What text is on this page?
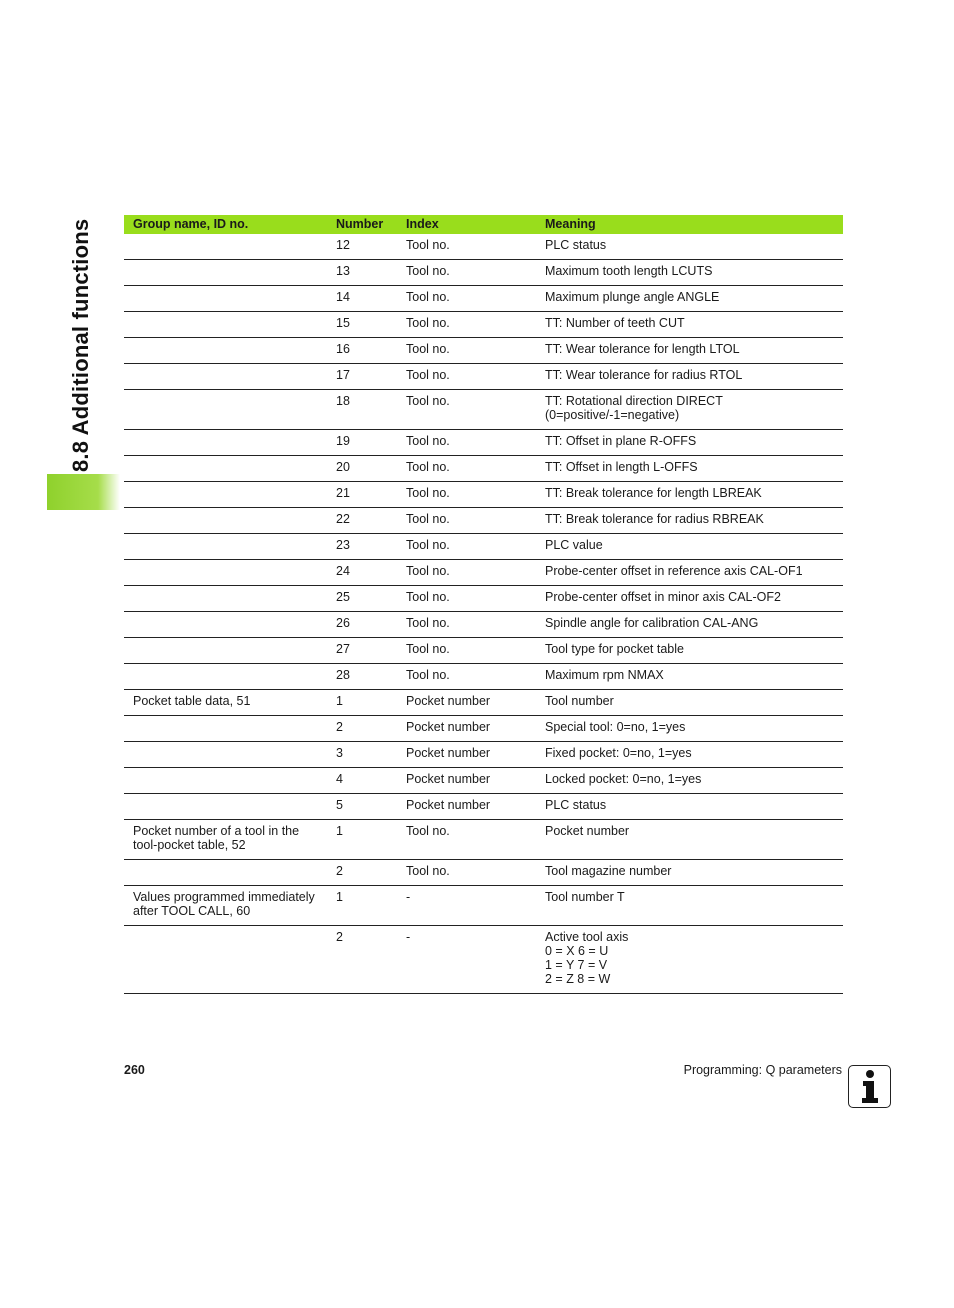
8.8 Additional functions	Group name, ID no.	Number	Index	Meaning
	12	Tool no.	PLC status
	13	Tool no.	Maximum tooth length LCUTS
	14	Tool no.	Maximum plunge angle ANGLE
	15	Tool no.	TT: Number of teeth CUT
	16	Tool no.	TT: Wear tolerance for length LTOL
	17	Tool no.	TT: Wear tolerance for radius RTOL
	18	Tool no.	TT: Rotational direction DIRECT
(0=positive/-1=negative)
	19	Tool no.	TT: Offset in plane R-OFFS
	20	Tool no.	TT: Offset in length L-OFFS
	21	Tool no.	TT: Break tolerance for length LBREAK
	22	Tool no.	TT: Break tolerance for radius RBREAK
	23	Tool no.	PLC value
	24	Tool no.	Probe-center offset in reference axis CAL-OF1
	25	Tool no.	Probe-center offset in minor axis CAL-OF2
	26	Tool no.	Spindle angle for calibration CAL-ANG
	27	Tool no.	Tool type for pocket table
	28	Tool no.	Maximum rpm NMAX
Pocket table data, 51	1	Pocket number	Tool number
	2	Pocket number	Special tool: 0=no, 1=yes
	3	Pocket number	Fixed pocket: 0=no, 1=yes
	4	Pocket number	Locked pocket: 0=no, 1=yes
	5	Pocket number	PLC status
Pocket number of a tool in the
tool-pocket table, 52	1	Tool no.	Pocket number
	2	Tool no.	Tool magazine number
Values programmed immediately
after TOOL CALL, 60	1	-	Tool number T
	2	-	Active tool axis
0 = X 6 = U
1 = Y 7 = V
2 = Z 8 = W
260	Programming: Q parameters
